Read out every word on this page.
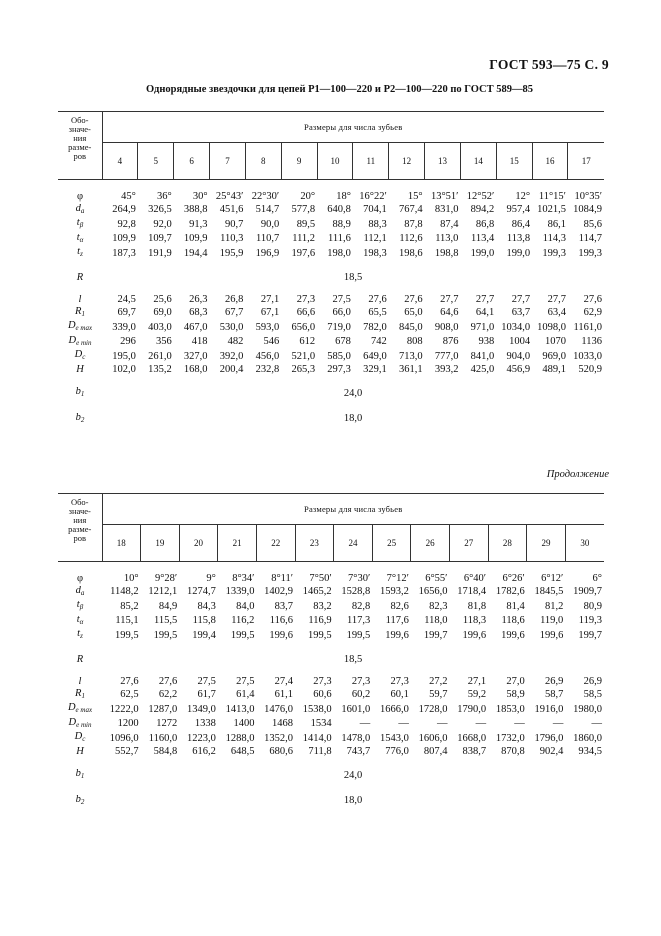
ГОСТ 593—75 С. 9
Однорядные звездочки для цепей Р1—100—220 и Р2—100—220 по ГОСТ 589—85
Обо-
значе-
ния
разме-
ров	Размеры для числа зубьев													
	4	5	6	7	8	9	10	11	12	13	14	15	16	17

φ	45°	36°	30°	25°43′	22°30′	20°	18°	16°22′	15°	13°51′	12°52′	12°	11°15′	10°35′
$d_a$	264,9	326,5	388,8	451,6	514,7	577,8	640,8	704,1	767,4	831,0	894,2	957,4	1021,5	1084,9
$t_\beta$	92,8	92,0	91,3	90,7	90,0	89,5	88,9	88,3	87,8	87,4	86,8	86,4	86,1	85,6
$t_\alpha$	109,9	109,7	109,9	110,3	110,7	111,2	111,6	112,1	112,6	113,0	113,4	113,8	114,3	114,7
$t_z$	187,3	191,9	194,4	195,9	196,9	197,6	198,0	198,3	198,6	198,8	199,0	199,0	199,3	199,3

R	18,5													

l	24,5	25,6	26,3	26,8	27,1	27,3	27,5	27,6	27,6	27,7	27,7	27,7	27,7	27,6
$R_1$	69,7	69,0	68,3	67,7	67,1	66,6	66,0	65,5	65,0	64,6	64,1	63,7	63,4	62,9
$D_{e max}$	339,0	403,0	467,0	530,0	593,0	656,0	719,0	782,0	845,0	908,0	971,0	1034,0	1098,0	1161,0
$D_{e min}$	296	356	418	482	546	612	678	742	808	876	938	1004	1070	1136
$D_c$	195,0	261,0	327,0	392,0	456,0	521,0	585,0	649,0	713,0	777,0	841,0	904,0	969,0	1033,0
H	102,0	135,2	168,0	200,4	232,8	265,3	297,3	329,1	361,1	393,2	425,0	456,9	489,1	520,9

$b_1$	24,0													

$b_2$	18,0													
Продолжение
Обо-
значе-
ния
разме-
ров	Размеры для числа зубьев												
	18	19	20	21	22	23	24	25	26	27	28	29	30

φ	10°	9°28′	9°	8°34′	8°11′	7°50′	7°30′	7°12′	6°55′	6°40′	6°26′	6°12′	6°
$d_a$	1148,2	1212,1	1274,7	1339,0	1402,9	1465,2	1528,8	1593,2	1656,0	1718,4	1782,6	1845,5	1909,7
$t_\beta$	85,2	84,9	84,3	84,0	83,7	83,2	82,8	82,6	82,3	81,8	81,4	81,2	80,9
$t_\alpha$	115,1	115,5	115,8	116,2	116,6	116,9	117,3	117,6	118,0	118,3	118,6	119,0	119,3
$t_z$	199,5	199,5	199,4	199,5	199,6	199,5	199,5	199,6	199,7	199,6	199,6	199,6	199,7

R	18,5												

l	27,6	27,6	27,5	27,5	27,4	27,3	27,3	27,3	27,2	27,1	27,0	26,9	26,9
$R_1$	62,5	62,2	61,7	61,4	61,1	60,6	60,2	60,1	59,7	59,2	58,9	58,7	58,5
$D_{e max}$	1222,0	1287,0	1349,0	1413,0	1476,0	1538,0	1601,0	1666,0	1728,0	1790,0	1853,0	1916,0	1980,0
$D_{e min}$	1200	1272	1338	1400	1468	1534	—	—	—	—	—	—	—
$D_c$	1096,0	1160,0	1223,0	1288,0	1352,0	1414,0	1478,0	1543,0	1606,0	1668,0	1732,0	1796,0	1860,0
H	552,7	584,8	616,2	648,5	680,6	711,8	743,7	776,0	807,4	838,7	870,8	902,4	934,5

$b_1$	24,0												

$b_2$	18,0												
